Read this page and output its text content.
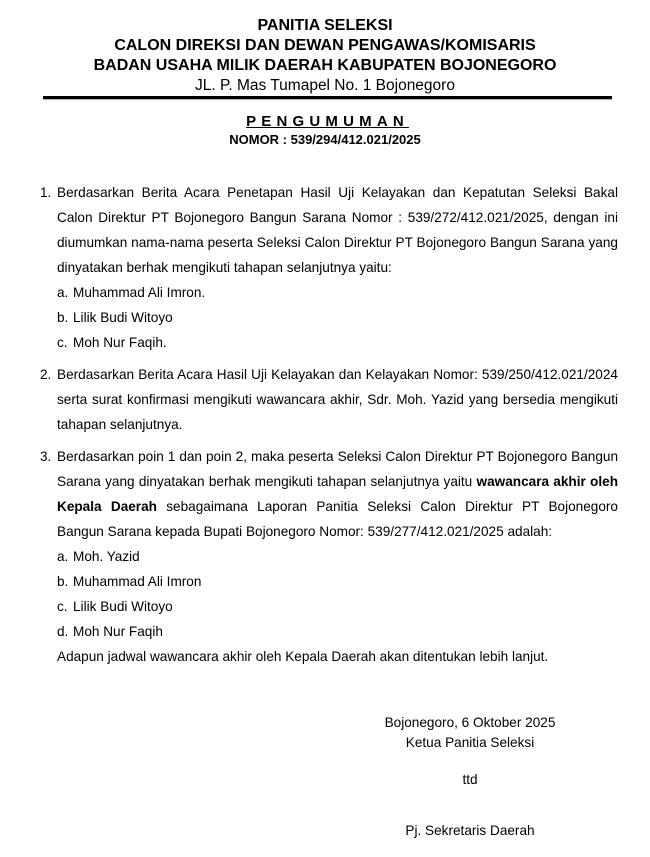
PANITIA SELEKSI
CALON DIREKSI DAN DEWAN PENGAWAS/KOMISARIS
BADAN USAHA MILIK DAERAH KABUPATEN BOJONEGORO
JL. P. Mas Tumapel No. 1 Bojonegoro
PENGUMUMAN
NOMOR : 539/294/412.021/2025
1. Berdasarkan Berita Acara Penetapan Hasil Uji Kelayakan dan Kepatutan Seleksi Bakal Calon Direktur PT Bojonegoro Bangun Sarana Nomor : 539/272/412.021/2025, dengan ini diumumkan nama-nama peserta Seleksi Calon Direktur PT Bojonegoro Bangun Sarana yang dinyatakan berhak mengikuti tahapan selanjutnya yaitu:

a. Muhammad Ali Imron.
b. Lilik Budi Witoyo
c. Moh Nur Faqih.
2. Berdasarkan Berita Acara Hasil Uji Kelayakan dan Kelayakan Nomor: 539/250/412.021/2024 serta surat konfirmasi mengikuti wawancara akhir, Sdr. Moh. Yazid yang bersedia mengikuti tahapan selanjutnya.

3. Berdasarkan poin 1 dan poin 2, maka peserta Seleksi Calon Direktur PT Bojonegoro Bangun Sarana yang dinyatakan berhak mengikuti tahapan selanjutnya yaitu wawancara akhir oleh Kepala Daerah sebagaimana Laporan Panitia Seleksi Calon Direktur PT Bojonegoro Bangun Sarana kepada Bupati Bojonegoro Nomor: 539/277/412.021/2025 adalah:

a. Moh. Yazid
b. Muhammad Ali Imron
c. Lilik Budi Witoyo
d. Moh Nur Faqih

Adapun jadwal wawancara akhir oleh Kepala Daerah akan ditentukan lebih lanjut.

Bojonegoro, 6 Oktober 2025
Ketua Panitia Seleksi
ttd
Pj. Sekretaris Daerah
